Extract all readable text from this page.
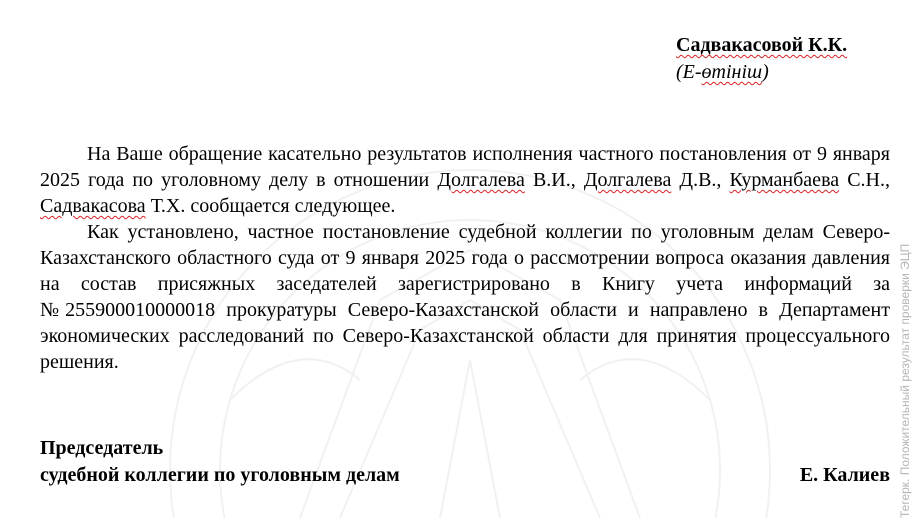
Садвакасовой К.К.
(Е-өтініш)

На Ваше обращение касательно результатов исполнения частного постановления от 9 января 2025 года по уголовному делу в отношении Долгалева В.И., Долгалева Д.В., Курманбаева С.Н., Садвакасова Т.Х. сообщается следующее.

Как установлено, частное постановление судебной коллегии по уголовным делам Северо-Казахстанского областного суда от 9 января 2025 года о рассмотрении вопроса оказания давления на состав присяжных заседателей зарегистрировано в Книгу учета информаций за №255900010000018 прокуратуры Северо-Казахстанской области и направлено в Департамент экономических расследований по Северо-Казахстанской области для принятия процессуального решения.

Председатель
судебной коллегии по уголовным делам	Е. Калиев Тегерк. Положительный результат проверки ЭЦП
